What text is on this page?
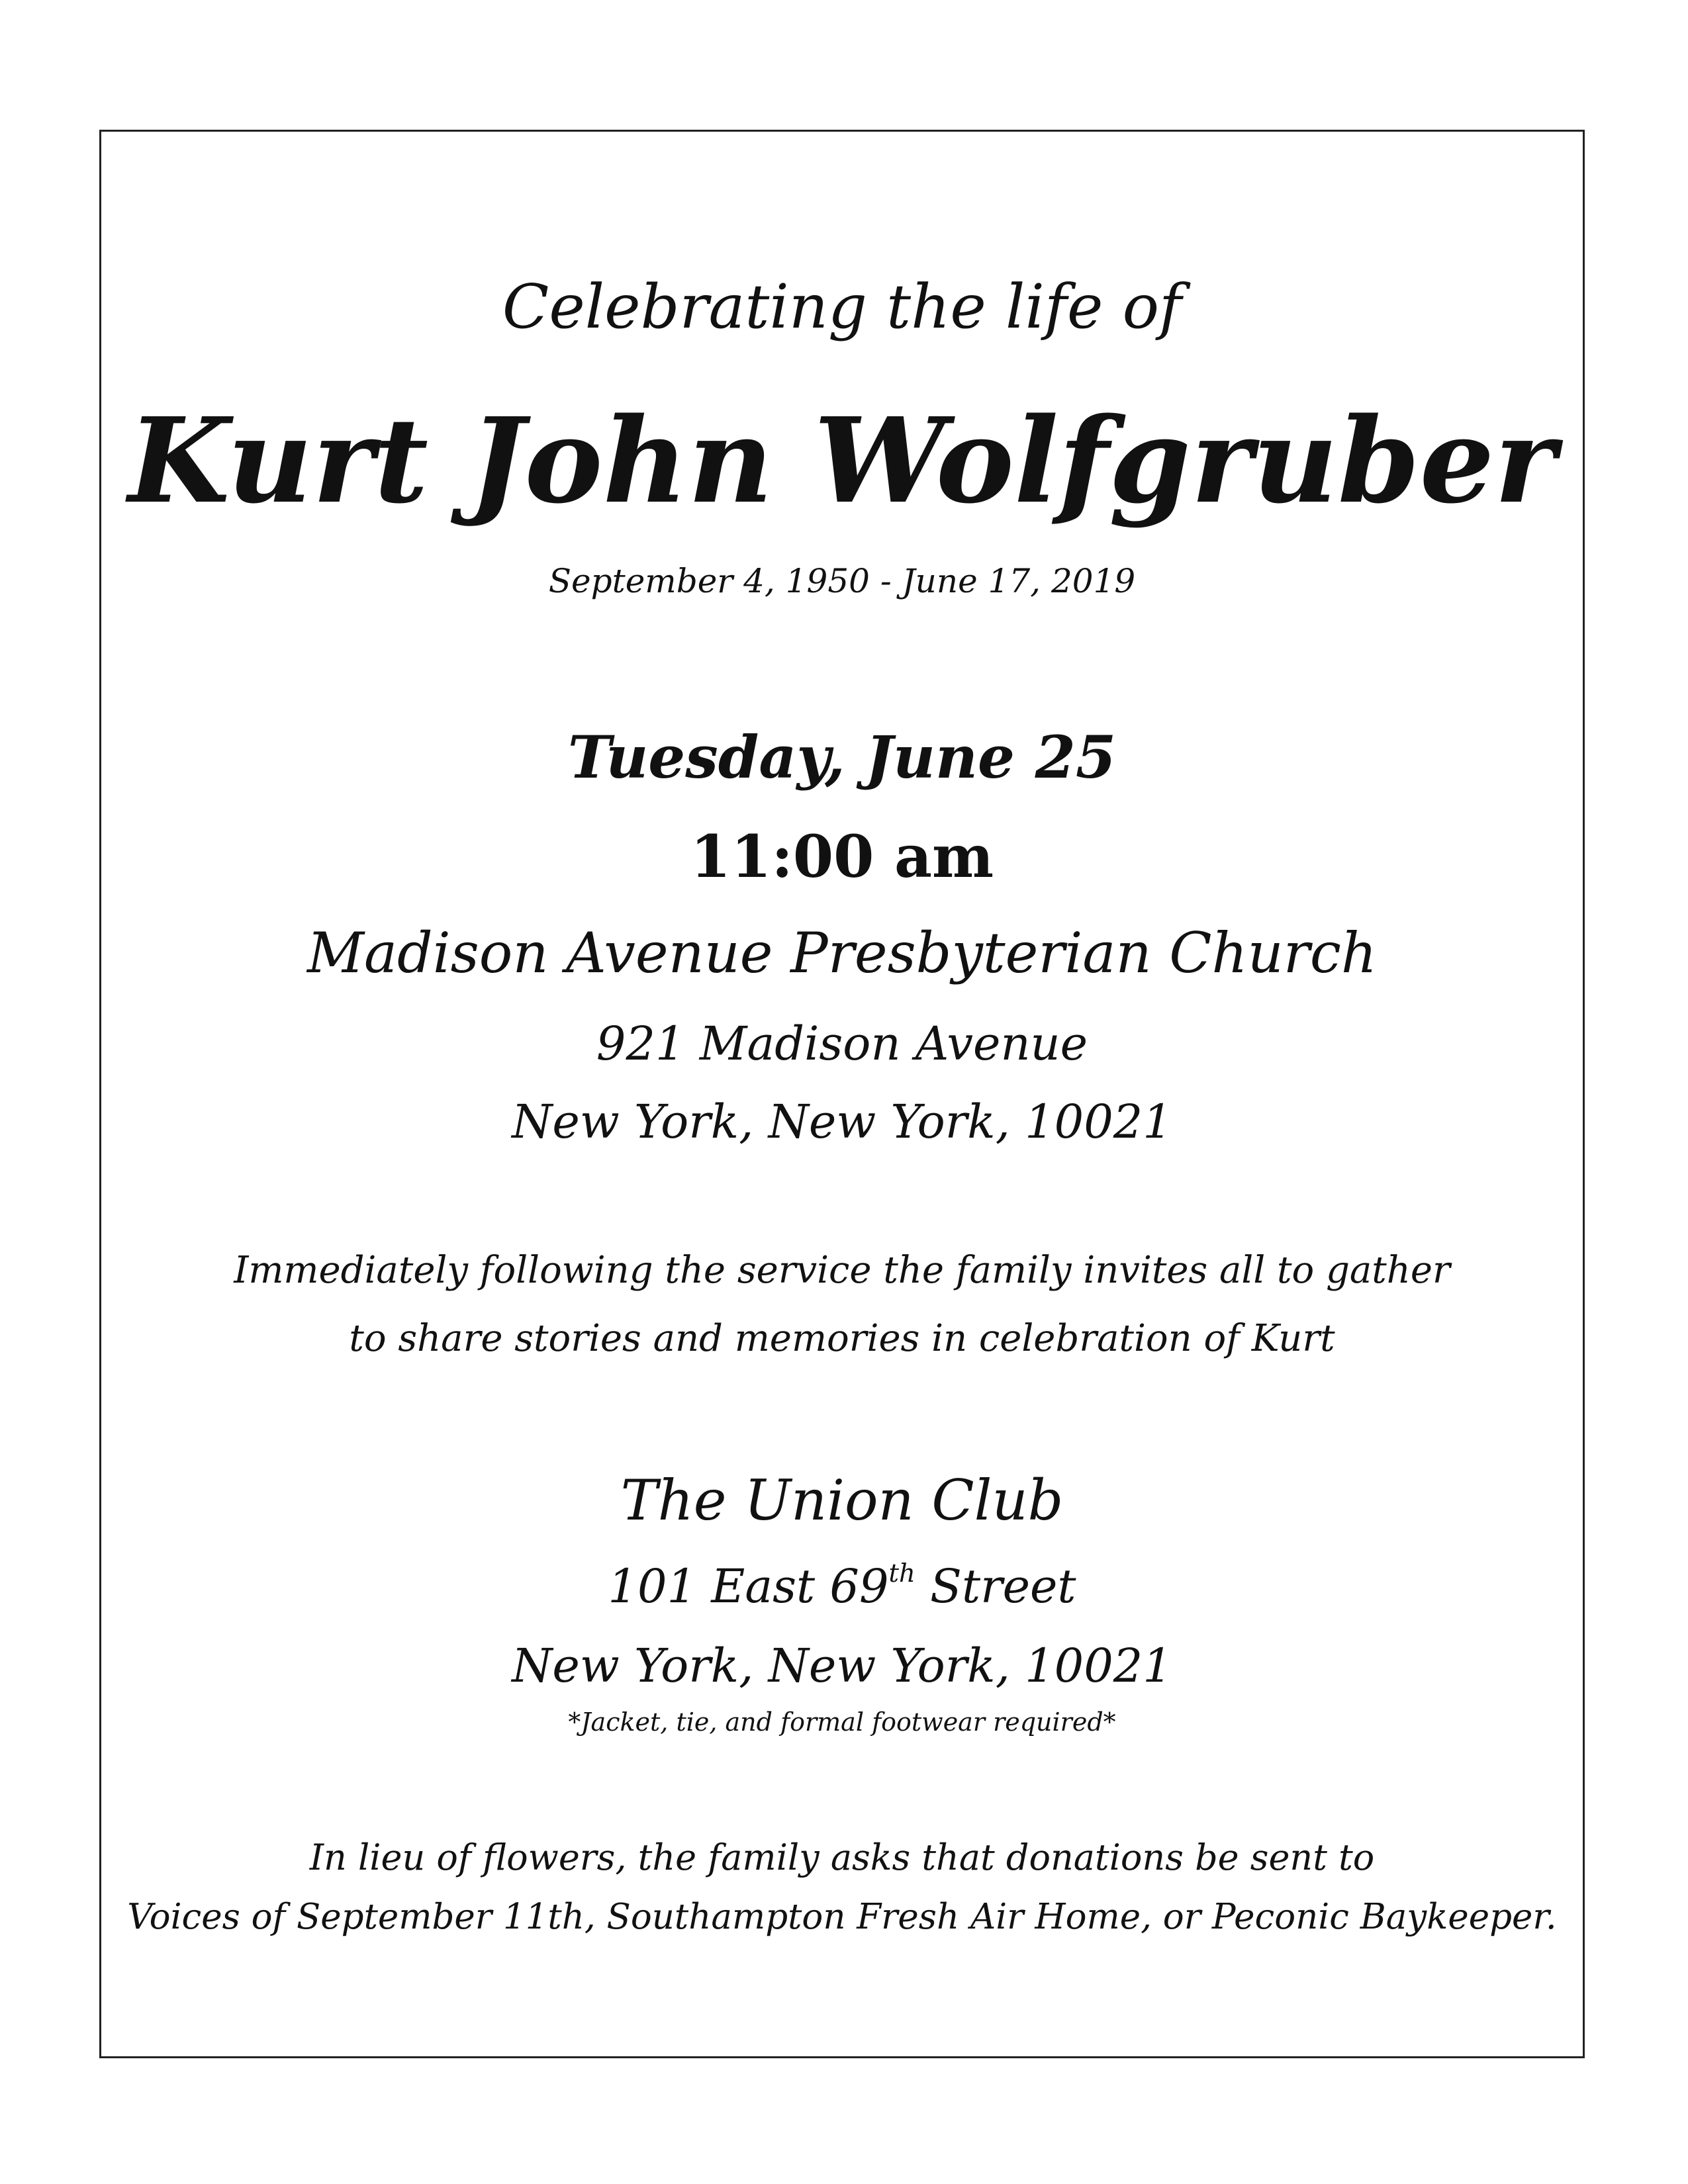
Celebrating the life of
Kurt John Wolfgruber
September 4, 1950 - June 17, 2019
Tuesday, June 25
11:00 am
Madison Avenue Presbyterian Church
921 Madison Avenue
New York, New York, 10021
Immediately following the service the family invites all to gather
to share stories and memories in celebration of Kurt
The Union Club
101 East 69th Street
New York, New York, 10021
*Jacket, tie, and formal footwear required*
In lieu of flowers, the family asks that donations be sent to
Voices of September 11th, Southampton Fresh Air Home, or Peconic Baykeeper.
